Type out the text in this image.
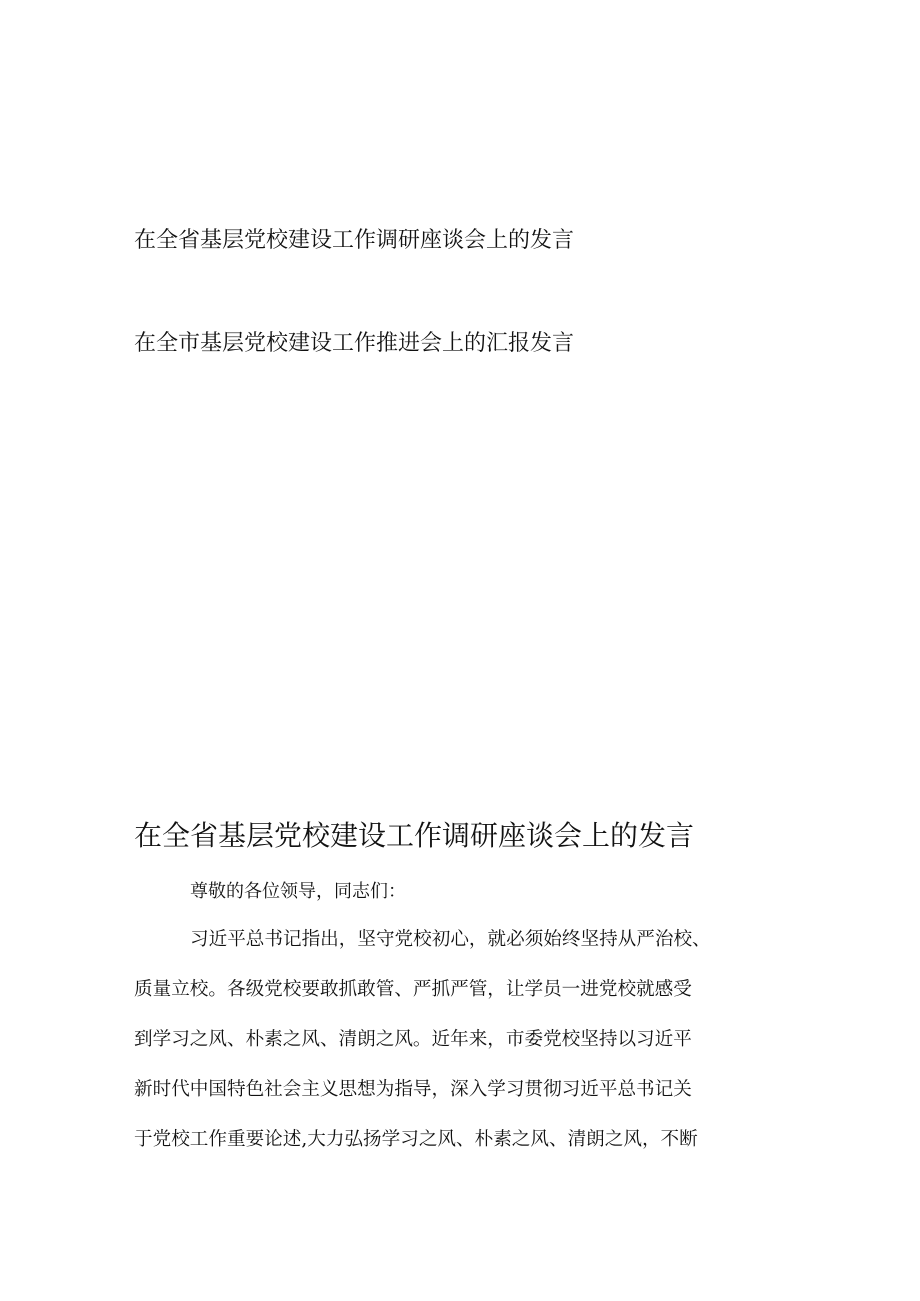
在全省基层党校建设工作调研座谈会上的发言

在全市基层党校建设工作推进会上的汇报发言

在全省基层党校建设工作调研座谈会上的发言

尊敬的各位领导，同志们：

习近平总书记指出，坚守党校初心，就必须始终坚持从严治校、

质量立校。各级党校要敢抓敢管、严抓严管，让学员一进党校就感受

到学习之风、朴素之风、清朗之风。近年来，市委党校坚持以习近平

新时代中国特色社会主义思想为指导，深入学习贯彻习近平总书记关

于党校工作重要论述,大力弘扬学习之风、朴素之风、清朗之风，不断
